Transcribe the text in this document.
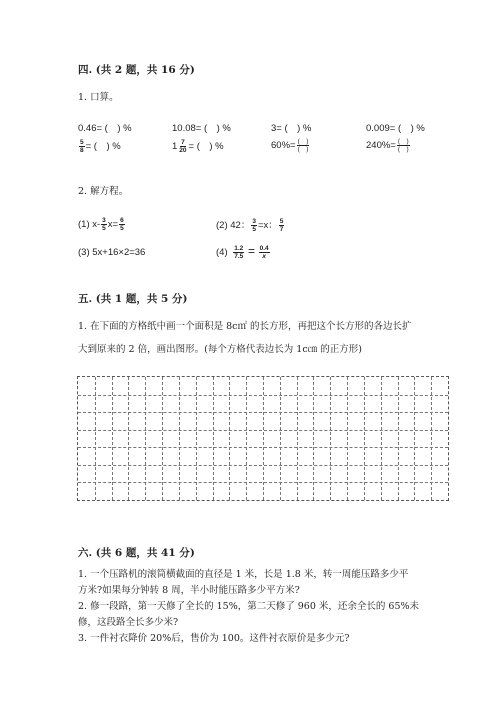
四. (共 2 题，共 16 分)
1. 口算。
0.46= (　) %	10.08= (　) %	3= (　) %	0.009= (　) %
$\frac{5}{8}$ = (　) %	$1 \frac{7}{20}$ = (　) %	$60\%= \frac{( )}{( )}$	$240\%= \frac{( )}{( )}$
2. 解方程。
(1) $x- \frac{3}{5} x= \frac{6}{5}$	(2) 42： $\frac{3}{5} =x$： $\frac{5}{7}$
(3) 5x+16×2=36	$(4) \frac{1.2}{7.5} = \frac{0.4}{x}$
五. (共 1 题，共 5 分)
1. 在下面的方格纸中画一个面积是 8c㎡ 的长方形，再把这个长方形的各边长扩
大到原来的 2 倍，画出图形。(每个方格代表边长为 1c㎝ 的正方形)
六. (共 6 题，共 41 分)
1. 一个压路机的滚筒横截面的直径是 1 米，长是 1.8 米，转一周能压路多少平
方米?如果每分钟转 8 周，半小时能压路多少平方米?
2. 修一段路，第一天修了全长的 15%，第二天修了 960 米，还余全长的 65%未
修，这段路全长多少米?
3. 一件衬衣降价 20%后，售价为 100。这件衬衣原价是多少元?
